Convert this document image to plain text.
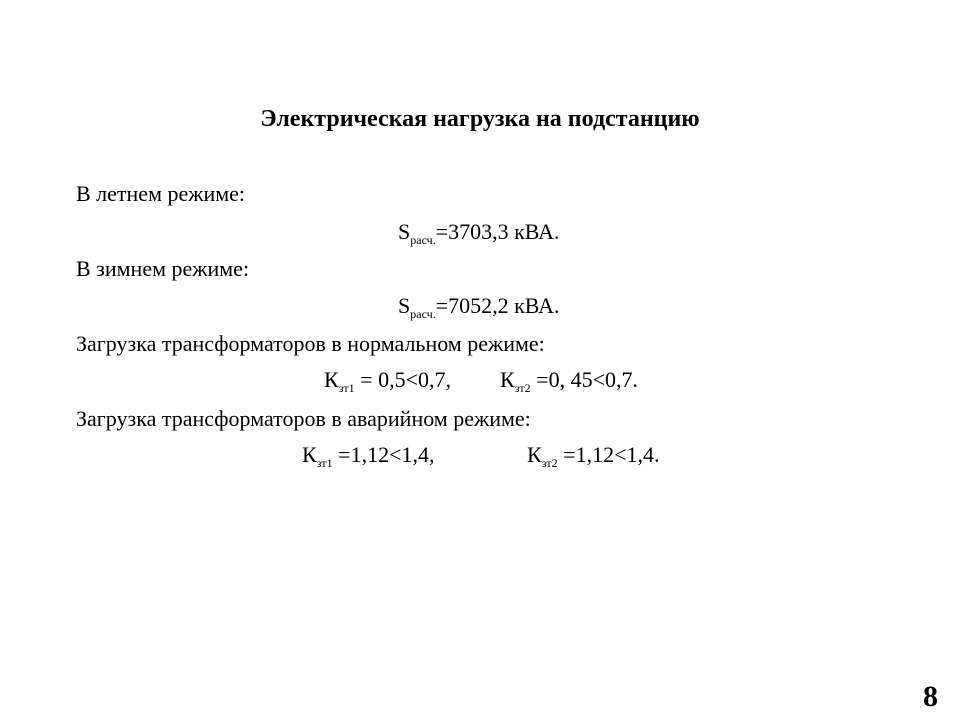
Электрическая нагрузка на подстанцию
В летнем режиме:
$S_{расч.}=3703,3$ кВА.
В зимнем режиме:
$S_{расч.}=7052,2$ кВА.
Загрузка трансформаторов в нормальном режиме:
$К_{зт1} = 0,5<0,7$, $К_{зт2} =0$, 45<0,7.
Загрузка трансформаторов в аварийном режиме:
$К_{зт1} =1,12<1,4$,	$К_{зт2} =1,12<1,4$.
8
